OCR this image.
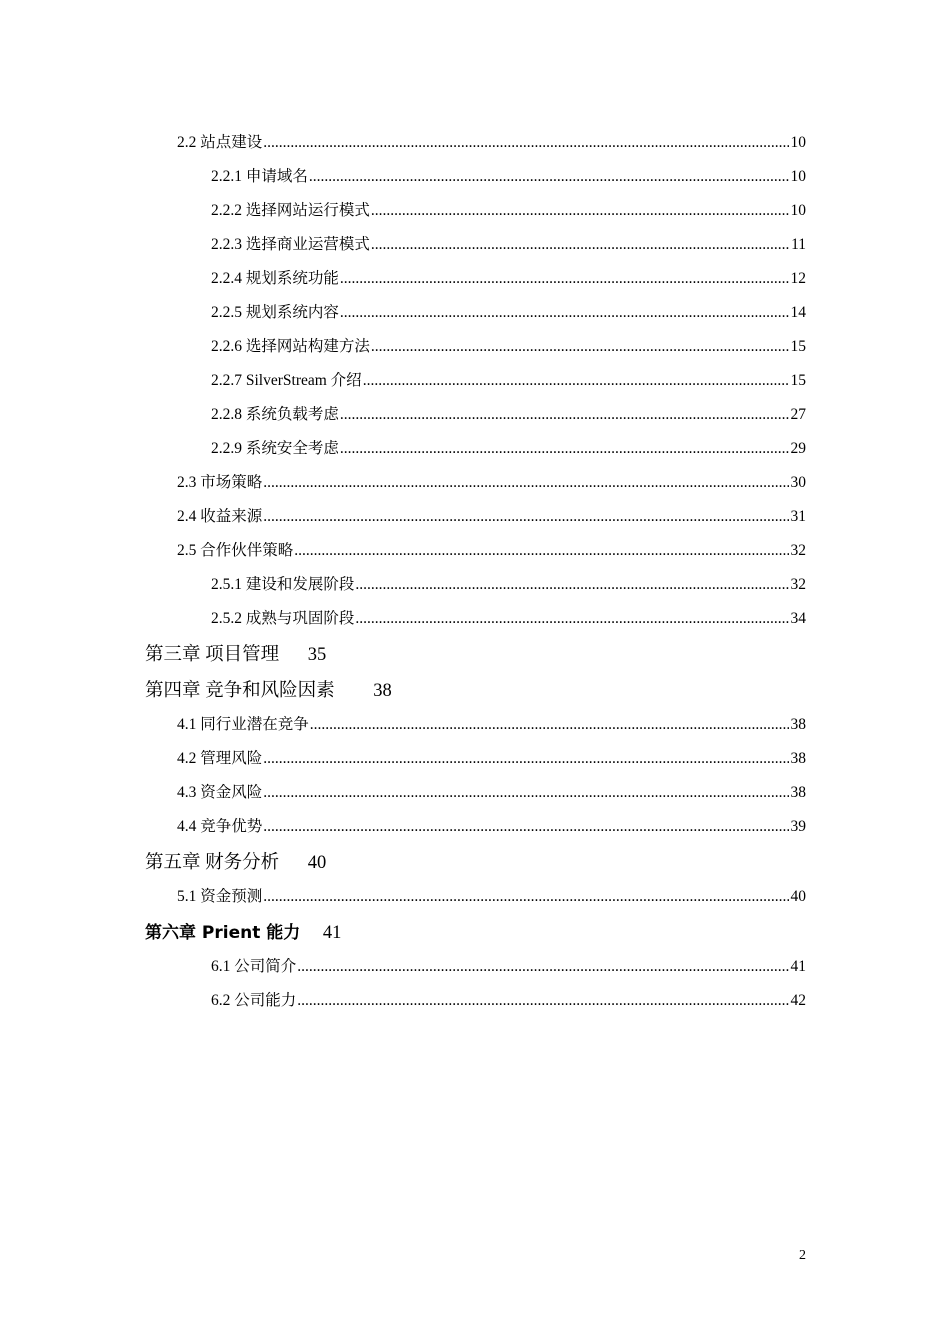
2.2 站点建设 .....	10
2.2.1 申请域名 .....	10
2.2.2 选择网站运行模式 .....	10
2.2.3 选择商业运营模式 .....	11
2.2.4 规划系统功能 .....	12
2.2.5 规划系统内容 .....	14
2.2.6 选择网站构建方法 .....	15
2.2.7 SilverStream 介绍 .....	15
2.2.8 系统负载考虑 .....	27
2.2.9 系统安全考虑 .....	29
2.3 市场策略 .....	30
2.4 收益来源 .....	31
2.5 合作伙伴策略 .....	32
2.5.1 建设和发展阶段 .....	32
2.5.2 成熟与巩固阶段 .....	34
第三章 项目管理 35
第四章 竞争和风险因素 38
4.1 同行业潜在竞争 .....	38
4.2 管理风险 .....	38
4.3 资金风险 .....	38
4.4 竞争优势 .....	39
第五章 财务分析 40
5.1 资金预测 .....	40
第六章 Prient 能力 41
6.1 公司简介 .....	41
6.2 公司能力 .....	42
2
